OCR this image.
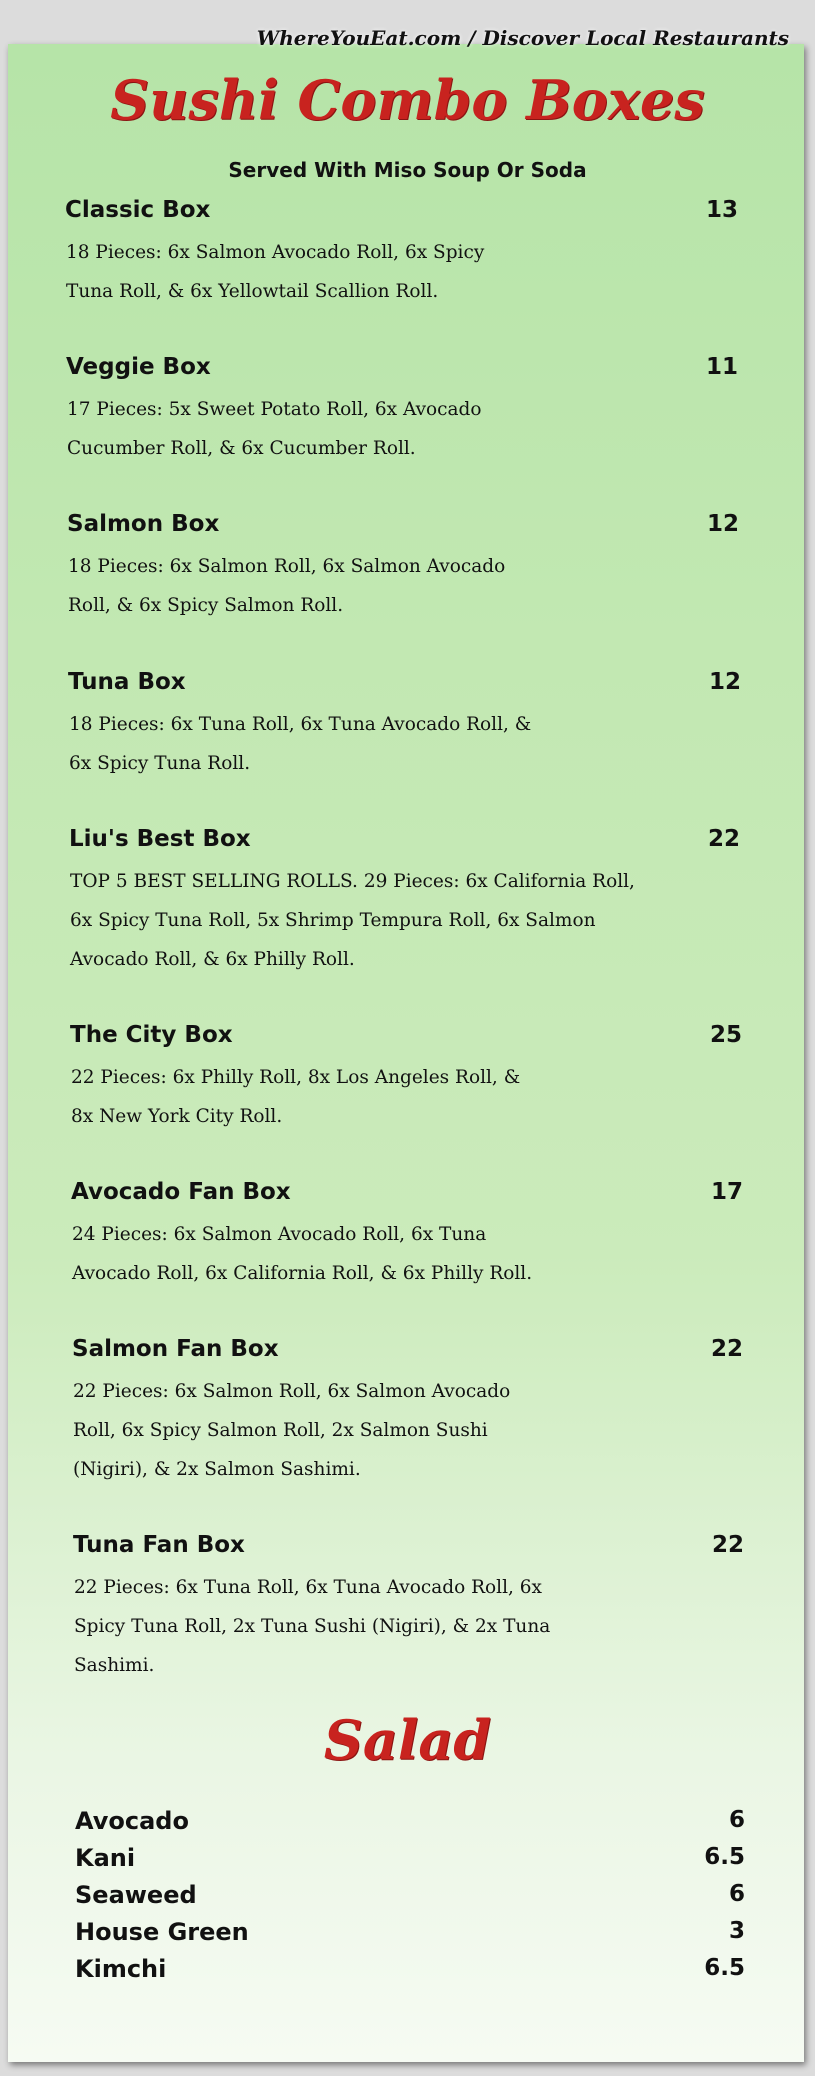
WhereYouEat.com / Discover Local Restaurants
Sushi Combo Boxes
Served With Miso Soup Or Soda
Classic Box	13
18 Pieces: 6x Salmon Avocado Roll, 6x Spicy
Tuna Roll, & 6x Yellowtail Scallion Roll.
Veggie Box	11
17 Pieces: 5x Sweet Potato Roll, 6x Avocado
Cucumber Roll, & 6x Cucumber Roll.
Salmon Box	12
18 Pieces: 6x Salmon Roll, 6x Salmon Avocado
Roll, & 6x Spicy Salmon Roll.
Tuna Box	12
18 Pieces: 6x Tuna Roll, 6x Tuna Avocado Roll, &
6x Spicy Tuna Roll.
Liu's Best Box	22
TOP 5 BEST SELLING ROLLS. 29 Pieces: 6x California Roll,
6x Spicy Tuna Roll, 5x Shrimp Tempura Roll, 6x Salmon
Avocado Roll, & 6x Philly Roll.
The City Box	25
22 Pieces: 6x Philly Roll, 8x Los Angeles Roll, &
8x New York City Roll.
Avocado Fan Box	17
24 Pieces: 6x Salmon Avocado Roll, 6x Tuna
Avocado Roll, 6x California Roll, & 6x Philly Roll.
Salmon Fan Box	22
22 Pieces: 6x Salmon Roll, 6x Salmon Avocado
Roll, 6x Spicy Salmon Roll, 2x Salmon Sushi
(Nigiri), & 2x Salmon Sashimi.
Tuna Fan Box	22
22 Pieces: 6x Tuna Roll, 6x Tuna Avocado Roll, 6x
Spicy Tuna Roll, 2x Tuna Sushi (Nigiri), & 2x Tuna
Sashimi.
Salad
Avocado	6
Kani	6.5
Seaweed	6
House Green	3
Kimchi	6.5
